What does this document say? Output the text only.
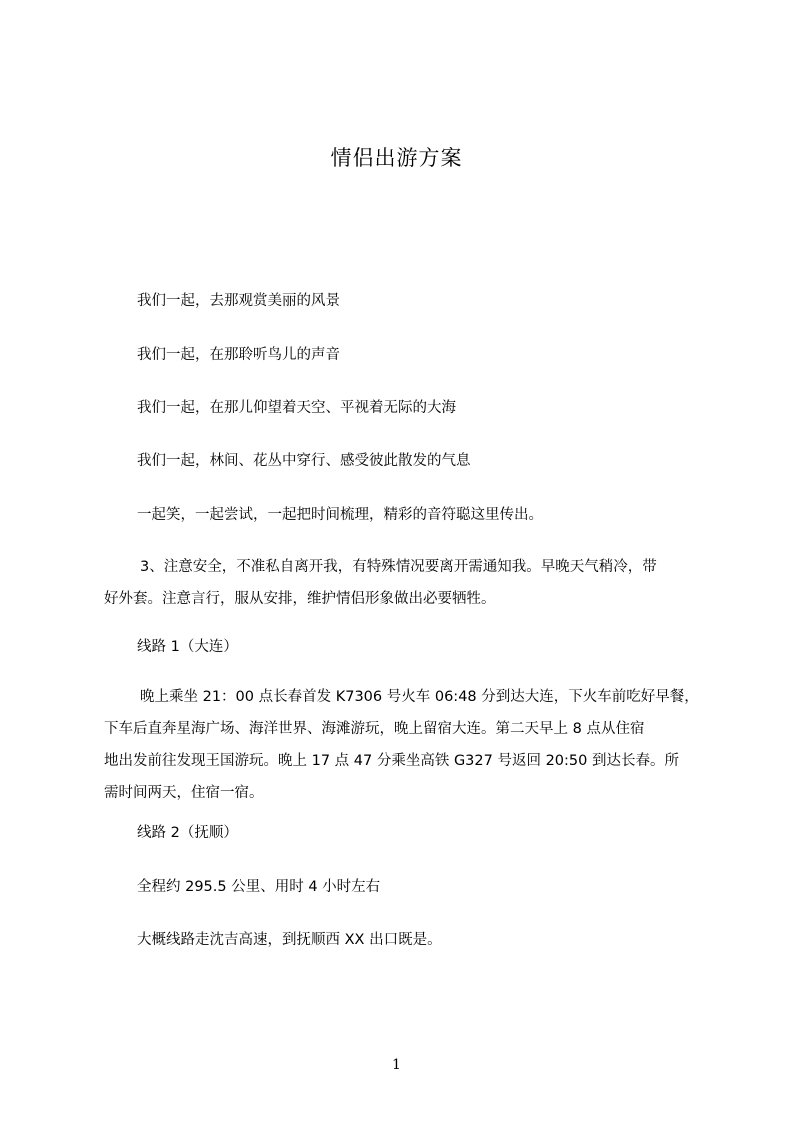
情侣出游方案
我们一起，去那观赏美丽的风景
我们一起，在那聆听鸟儿的声音
我们一起，在那儿仰望着天空、平视着无际的大海
我们一起，林间、花丛中穿行、感受彼此散发的气息
一起笑，一起尝试，一起把时间梳理，精彩的音符聪这里传出。
3、注意安全，不准私自离开我，有特殊情况要离开需通知我。早晚天气稍冷，带
好外套。注意言行，服从安排，维护情侣形象做出必要牺牲。
线路 1（大连）
晚上乘坐 21：00 点长春首发 K7306 号火车 06:48 分到达大连，下火车前吃好早餐，
下车后直奔星海广场、海洋世界、海滩游玩，晚上留宿大连。第二天早上 8 点从住宿
地出发前往发现王国游玩。晚上 17 点 47 分乘坐高铁 G327 号返回 20:50 到达长春。所
需时间两天，住宿一宿。
线路 2（抚顺）
全程约 295.5 公里、用时 4 小时左右
大概线路走沈吉高速，到抚顺西 XX 出口既是。
1
